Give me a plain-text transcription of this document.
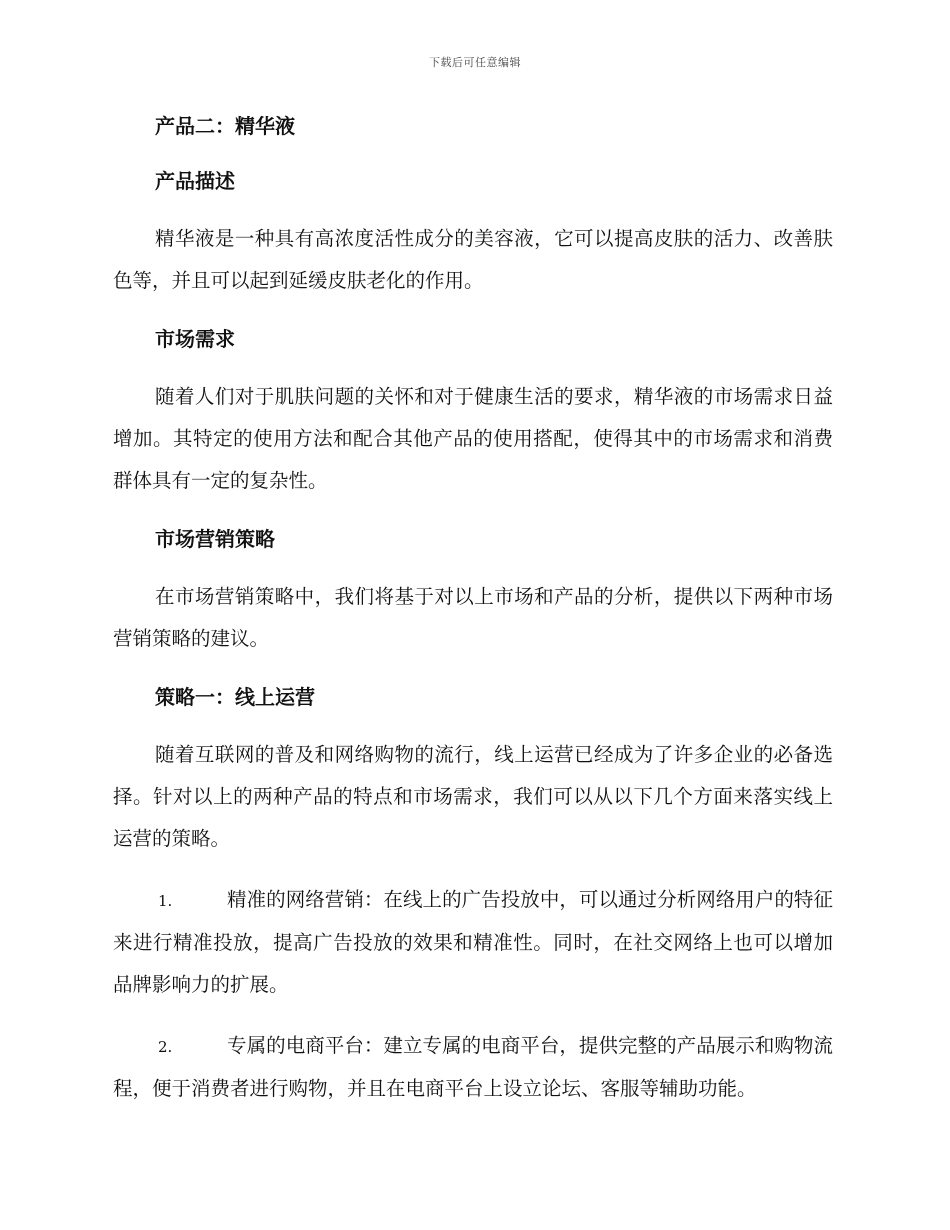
下载后可任意编辑
产品二：精华液
产品描述

精华液是一种具有高浓度活性成分的美容液，它可以提高皮肤的活力、改善肤色等，并且可以起到延缓皮肤老化的作用。

市场需求

随着人们对于肌肤问题的关怀和对于健康生活的要求，精华液的市场需求日益增加。其特定的使用方法和配合其他产品的使用搭配，使得其中的市场需求和消费群体具有一定的复杂性。

市场营销策略

在市场营销策略中，我们将基于对以上市场和产品的分析，提供以下两种市场营销策略的建议。

策略一：线上运营

随着互联网的普及和网络购物的流行，线上运营已经成为了许多企业的必备选择。针对以上的两种产品的特点和市场需求，我们可以从以下几个方面来落实线上运营的策略。

1.	精准的网络营销：在线上的广告投放中，可以通过分析网络用户的特征来进行精准投放，提高广告投放的效果和精准性。同时，在社交网络上也可以增加品牌影响力的扩展。

2.	专属的电商平台：建立专属的电商平台，提供完整的产品展示和购物流程，便于消费者进行购物，并且在电商平台上设立论坛、客服等辅助功能。
